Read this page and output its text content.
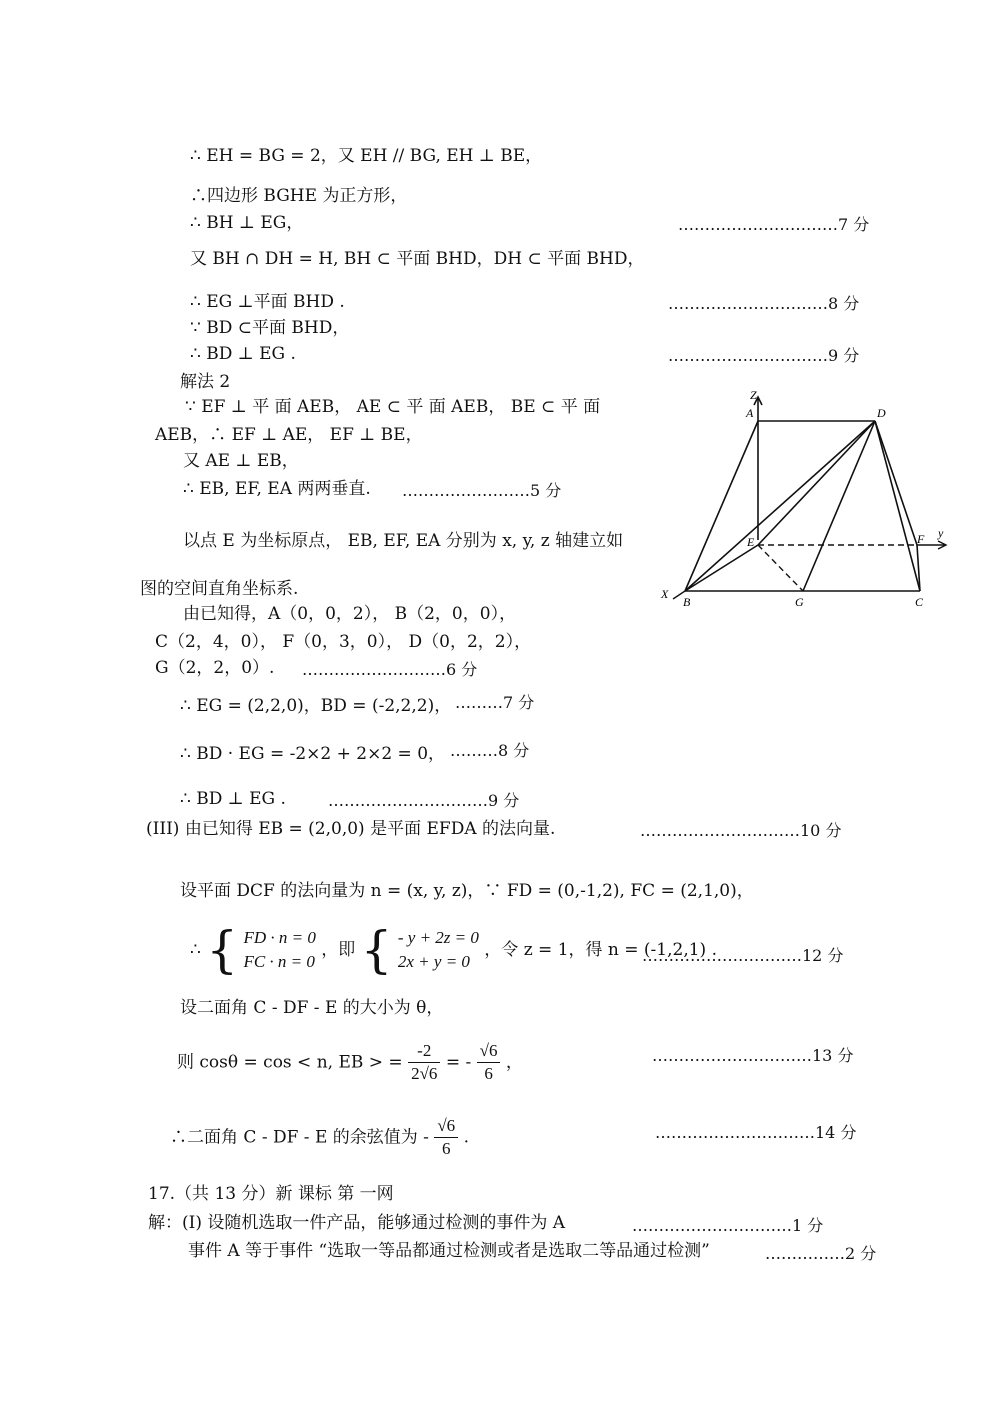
∴ EH = BG = 2，又 EH // BG, EH ⊥ BE，
∴四边形 BGHE 为正方形，
∴ BH ⊥ EG，	…………………………7 分
又 BH ∩ DH = H, BH ⊂ 平面 BHD，DH ⊂ 平面 BHD，
∴ EG ⊥平面 BHD .	…………………………8 分
∵ BD ⊂平面 BHD，
∴ BD ⊥ EG .	…………………………9 分
解法 2
∵ EF ⊥ 平 面 AEB， AE ⊂ 平 面 AEB， BE ⊂ 平 面
AEB，∴ EF ⊥ AE， EF ⊥ BE，
又 AE ⊥ EB，
∴ EB, EF, EA 两两垂直. ……………………5 分
以点 E 为坐标原点， EB, EF, EA 分别为 x, y, z 轴建立如
图的空间直角坐标系.
由已知得，A（0，0，2）， B（2，0，0），
C（2，4，0）， F（0，3，0）， D（0，2，2），
G（2，2，0）. ………………………6 分
∴ EG = (2,2,0)，BD = (-2,2,2)， ………7 分
∴ BD · EG = -2×2 + 2×2 = 0， ………8 分
∴ BD ⊥ EG .	…………………………9 分
(III) 由已知得 EB = (2,0,0) 是平面 EFDA 的法向量.	…………………………10 分
设平面 DCF 的法向量为 n = (x, y, z)，∵ FD = (0,-1,2), FC = (2,1,0)，
∴ { FD · n = 0
FC · n = 0
，即 { - y + 2z = 0
2x + y = 0
，令 z = 1，得 n = (-1,2,1) .
…………………………12 分
设二面角 C - DF - E 的大小为 θ，
则 cosθ = cos < n, EB > = $\frac{-2}{2√6}$ = - $\frac{√6}{6}$ ，	…………………………13 分
∴二面角 C - DF - E 的余弦值为 - $\frac{√6}{6}$ .	…………………………14 分
17.（共 13 分）新 课标 第 一网
解：(Ⅰ) 设随机选取一件产品，能够通过检测的事件为 A	…………………………1 分
事件 A 等于事件 “选取一等品都通过检测或者是选取二等品通过检测”	……………2 分
Z
A	D
E	F y
X
B	G	C
